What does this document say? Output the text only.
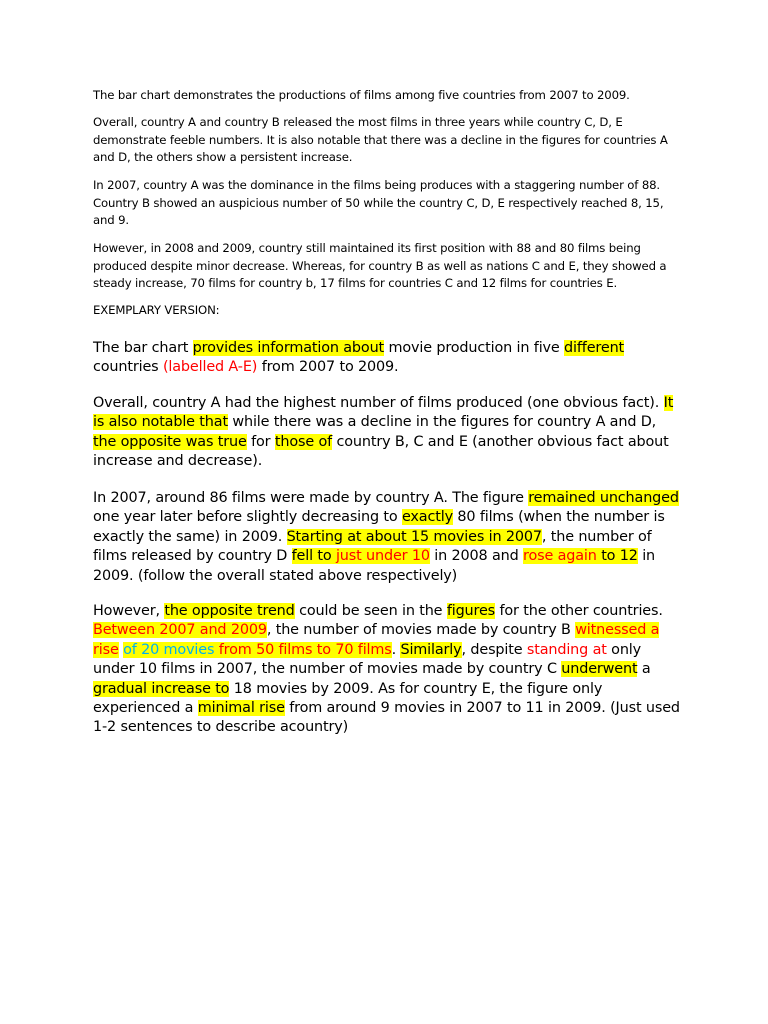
The bar chart demonstrates the productions of films among five countries from 2007 to 2009.

Overall, country A and country B released the most films in three years while country C, D, E demonstrate feeble numbers. It is also notable that there was a decline in the figures for countries A and D, the others show a persistent increase.

In 2007, country A was the dominance in the films being produces with a staggering number of 88. Country B showed an auspicious number of 50 while the country C, D, E respectively reached 8, 15, and 9.

However, in 2008 and 2009, country still maintained its first position with 88 and 80 films being produced despite minor decrease. Whereas, for country B as well as nations C and E, they showed a steady increase, 70 films for country b, 17 films for countries C and 12 films for countries E.

EXEMPLARY VERSION:

The bar chart provides information about movie production in five different countries (labelled A-E) from 2007 to 2009.

Overall, country A had the highest number of films produced (one obvious fact). It is also notable that while there was a decline in the figures for country A and D, the opposite was true for those of country B, C and E (another obvious fact about increase and decrease).

In 2007, around 86 films were made by country A. The figure remained unchanged one year later before slightly decreasing to exactly 80 films (when the number is exactly the same) in 2009. Starting at about 15 movies in 2007, the number of films released by country D fell to just under 10 in 2008 and rose again to 12 in 2009. (follow the overall stated above respectively)

However, the opposite trend could be seen in the figures for the other countries. Between 2007 and 2009, the number of movies made by country B witnessed a rise of 20 movies from 50 films to 70 films. Similarly, despite standing at only under 10 films in 2007, the number of movies made by country C underwent a gradual increase to 18 movies by 2009. As for country E, the figure only experienced a minimal rise from around 9 movies in 2007 to 11 in 2009. (Just used 1-2 sentences to describe acountry)
